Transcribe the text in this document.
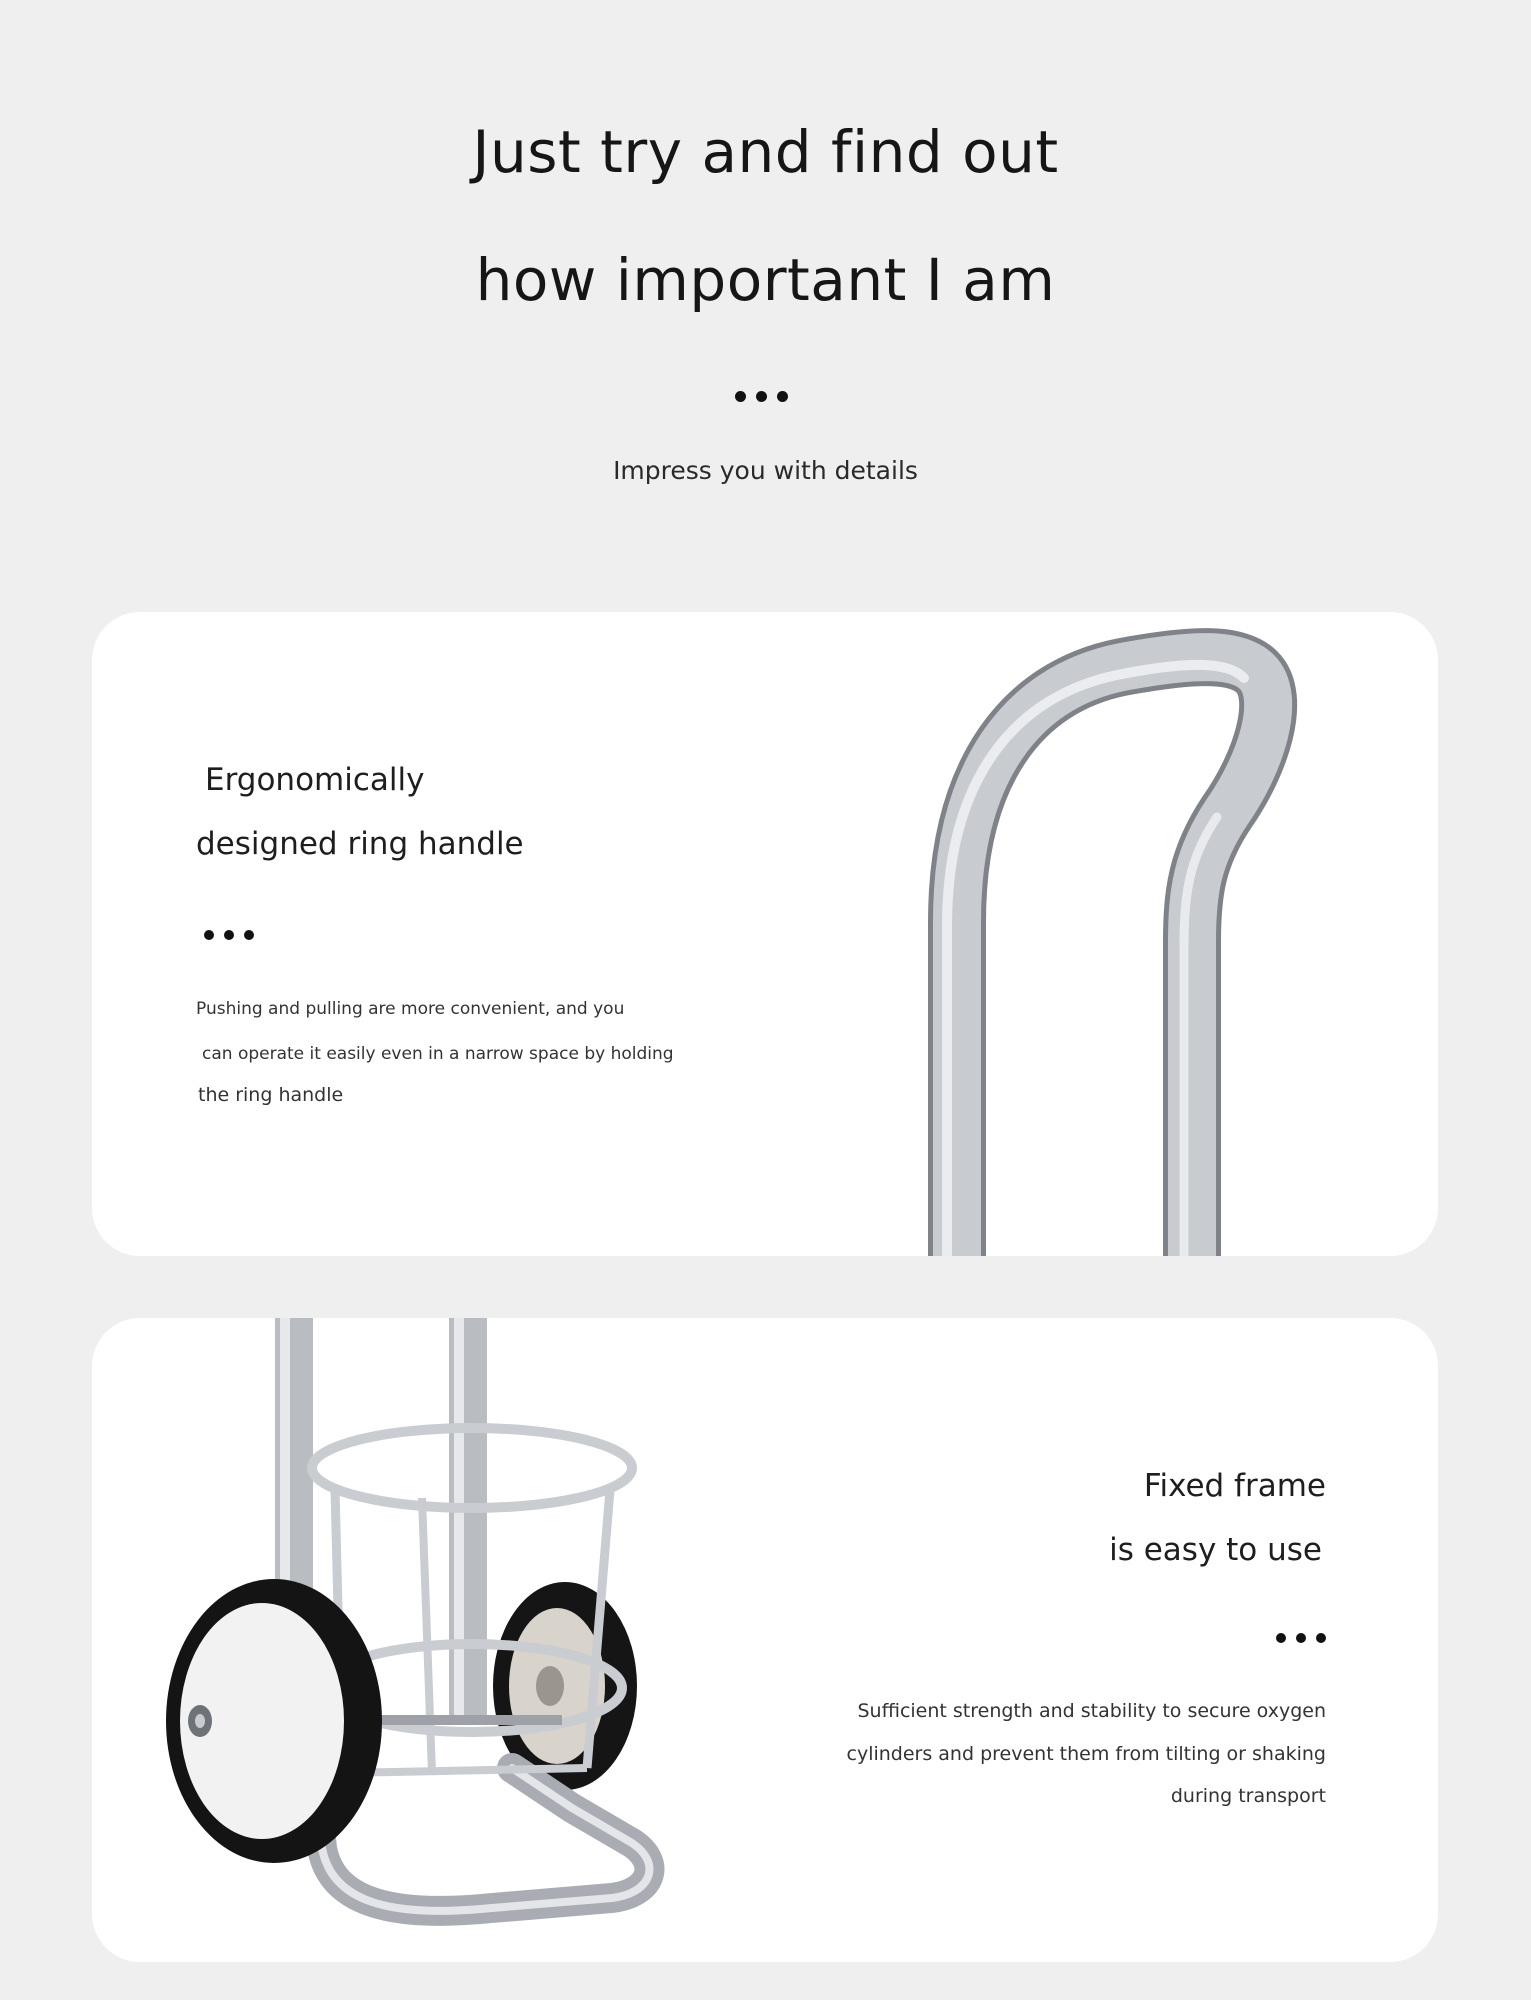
Just try and find out
how important I am
Impress you with details
Ergonomically
designed ring handle
Pushing and pulling are more convenient, and you
can operate it easily even in a narrow space by holding
the ring handle
Fixed frame
is easy to use
Sufficient strength and stability to secure oxygen
cylinders and prevent them from tilting or shaking
during transport
